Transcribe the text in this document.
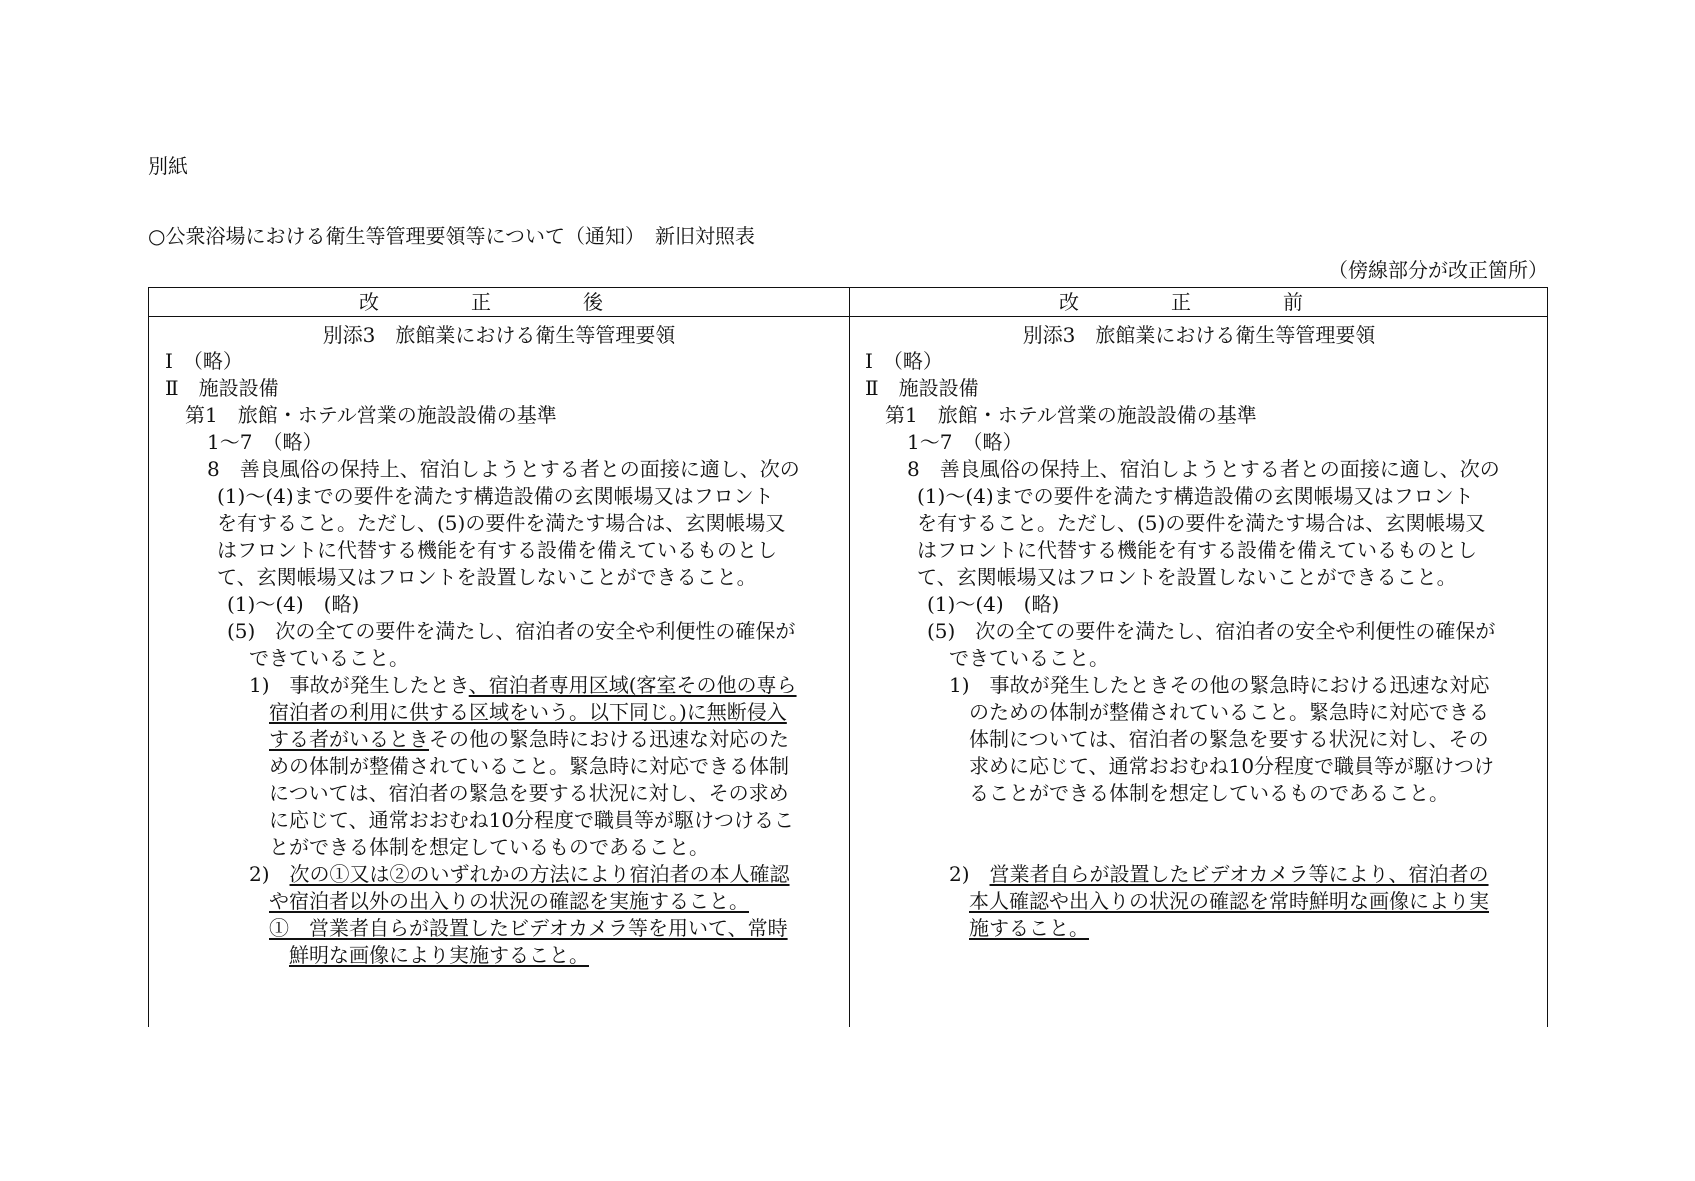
別紙
○公衆浴場における衛生等管理要領等について（通知）　新旧対照表
（傍線部分が改正箇所）
改　正　後	改　正　前
別添3　旅館業における衛生等管理要領
Ⅰ　（略）
Ⅱ　施設設備
第1　旅館・ホテル営業の施設設備の基準
1～7　（略）
8　善良風俗の保持上、宿泊しようとする者との面接に適し、次の
(1)～(4)までの要件を満たす構造設備の玄関帳場又はフロント
を有すること。ただし、(5)の要件を満たす場合は、玄関帳場又
はフロントに代替する機能を有する設備を備えているものとし
て、玄関帳場又はフロントを設置しないことができること。
(1)～(4)　(略)
(5)　次の全ての要件を満たし、宿泊者の安全や利便性の確保が
できていること。
1)　事故が発生したとき、宿泊者専用区域(客室その他の専ら
宿泊者の利用に供する区域をいう。以下同じ。)に無断侵入
する者がいるときその他の緊急時における迅速な対応のた
めの体制が整備されていること。緊急時に対応できる体制
については、宿泊者の緊急を要する状況に対し、その求め
に応じて、通常おおむね10分程度で職員等が駆けつけるこ
とができる体制を想定しているものであること。
2)　次の①又は②のいずれかの方法により宿泊者の本人確認
や宿泊者以外の出入りの状況の確認を実施すること。
①　営業者自らが設置したビデオカメラ等を用いて、常時
鮮明な画像により実施すること。
別添3　旅館業における衛生等管理要領
Ⅰ　（略）
Ⅱ　施設設備
第1　旅館・ホテル営業の施設設備の基準
1～7　（略）
8　善良風俗の保持上、宿泊しようとする者との面接に適し、次の
(1)～(4)までの要件を満たす構造設備の玄関帳場又はフロント
を有すること。ただし、(5)の要件を満たす場合は、玄関帳場又
はフロントに代替する機能を有する設備を備えているものとし
て、玄関帳場又はフロントを設置しないことができること。
(1)～(4)　(略)
(5)　次の全ての要件を満たし、宿泊者の安全や利便性の確保が
できていること。
1)　事故が発生したときその他の緊急時における迅速な対応
のための体制が整備されていること。緊急時に対応できる
体制については、宿泊者の緊急を要する状況に対し、その
求めに応じて、通常おおむね10分程度で職員等が駆けつけ
ることができる体制を想定しているものであること。
2)　営業者自らが設置したビデオカメラ等により、宿泊者の
本人確認や出入りの状況の確認を常時鮮明な画像により実
施すること。
